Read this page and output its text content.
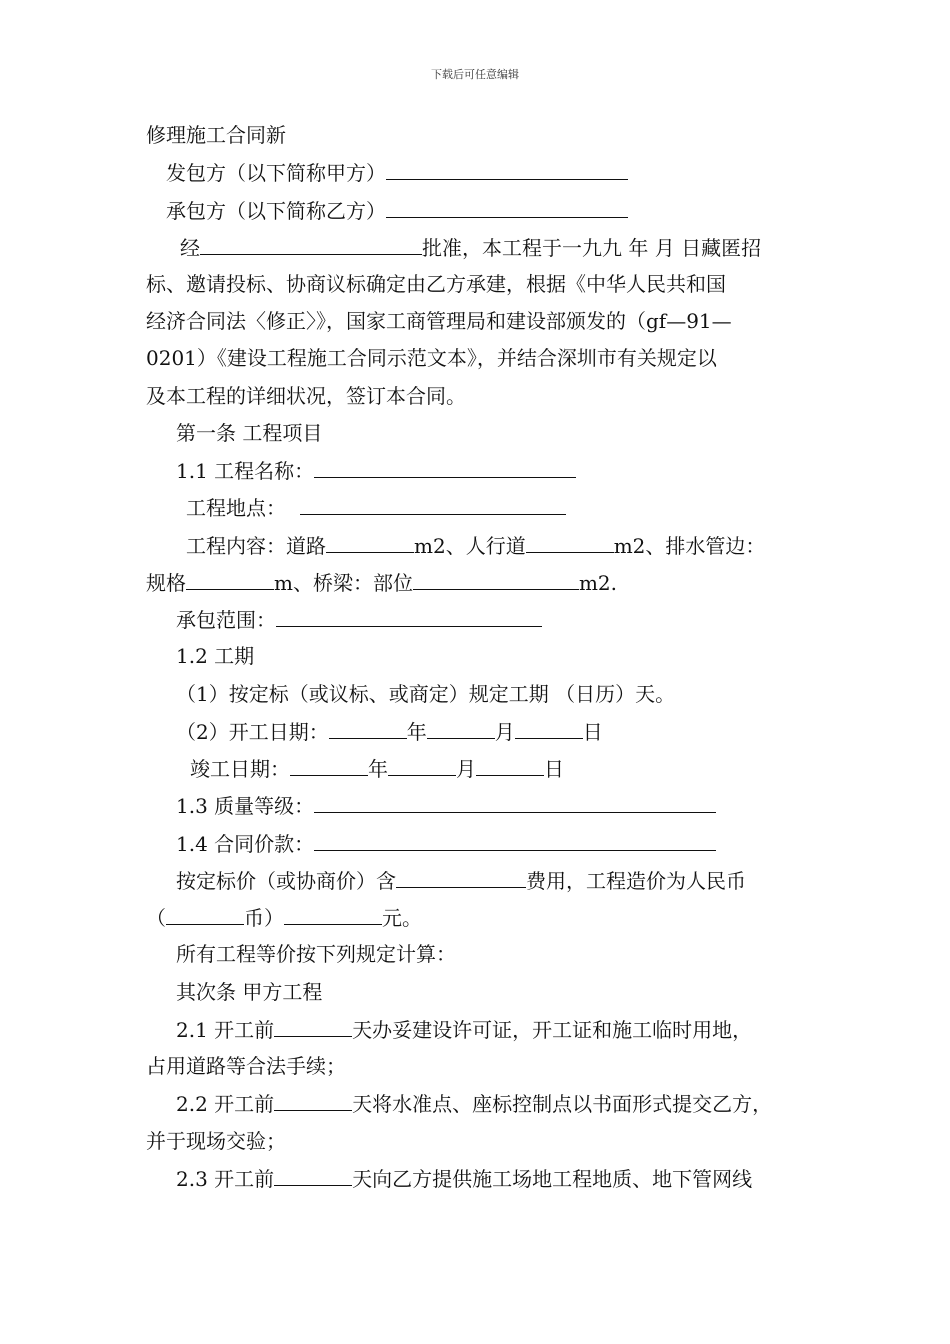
下载后可任意编辑
修理施工合同新
发包方（以下简称甲方）
承包方（以下简称乙方）
经	批准，本工程于一九九 年 月 日藏匿招
标、邀请投标、协商议标确定由乙方承建，根据《中华人民共和国
经济合同法〈修正〉》，国家工商管理局和建设部颁发的（gf—91—
0201）《建设工程施工合同示范文本》，并结合深圳市有关规定以
及本工程的详细状况，签订本合同。
第一条 工程项目
1.1 工程名称：
工程地点：
工程内容：道路	m2、人行道	m2、排水管边：
规格	m、桥梁：部位	m2.
承包范围：
1.2 工期
（1）按定标（或议标、或商定）规定工期 （日历）天。
（2）开工日期：	年	月	日
竣工日期：	年	月	日
1.3 质量等级：
1.4 合同价款：
按定标价（或协商价）含	费用，工程造价为人民币
（	币）	元。
所有工程等价按下列规定计算：
其次条 甲方工程
2.1 开工前	天办妥建设许可证，开工证和施工临时用地，
占用道路等合法手续；
2.2 开工前	天将水准点、座标控制点以书面形式提交乙方，
并于现场交验；
2.3 开工前	天向乙方提供施工场地工程地质、地下管网线
